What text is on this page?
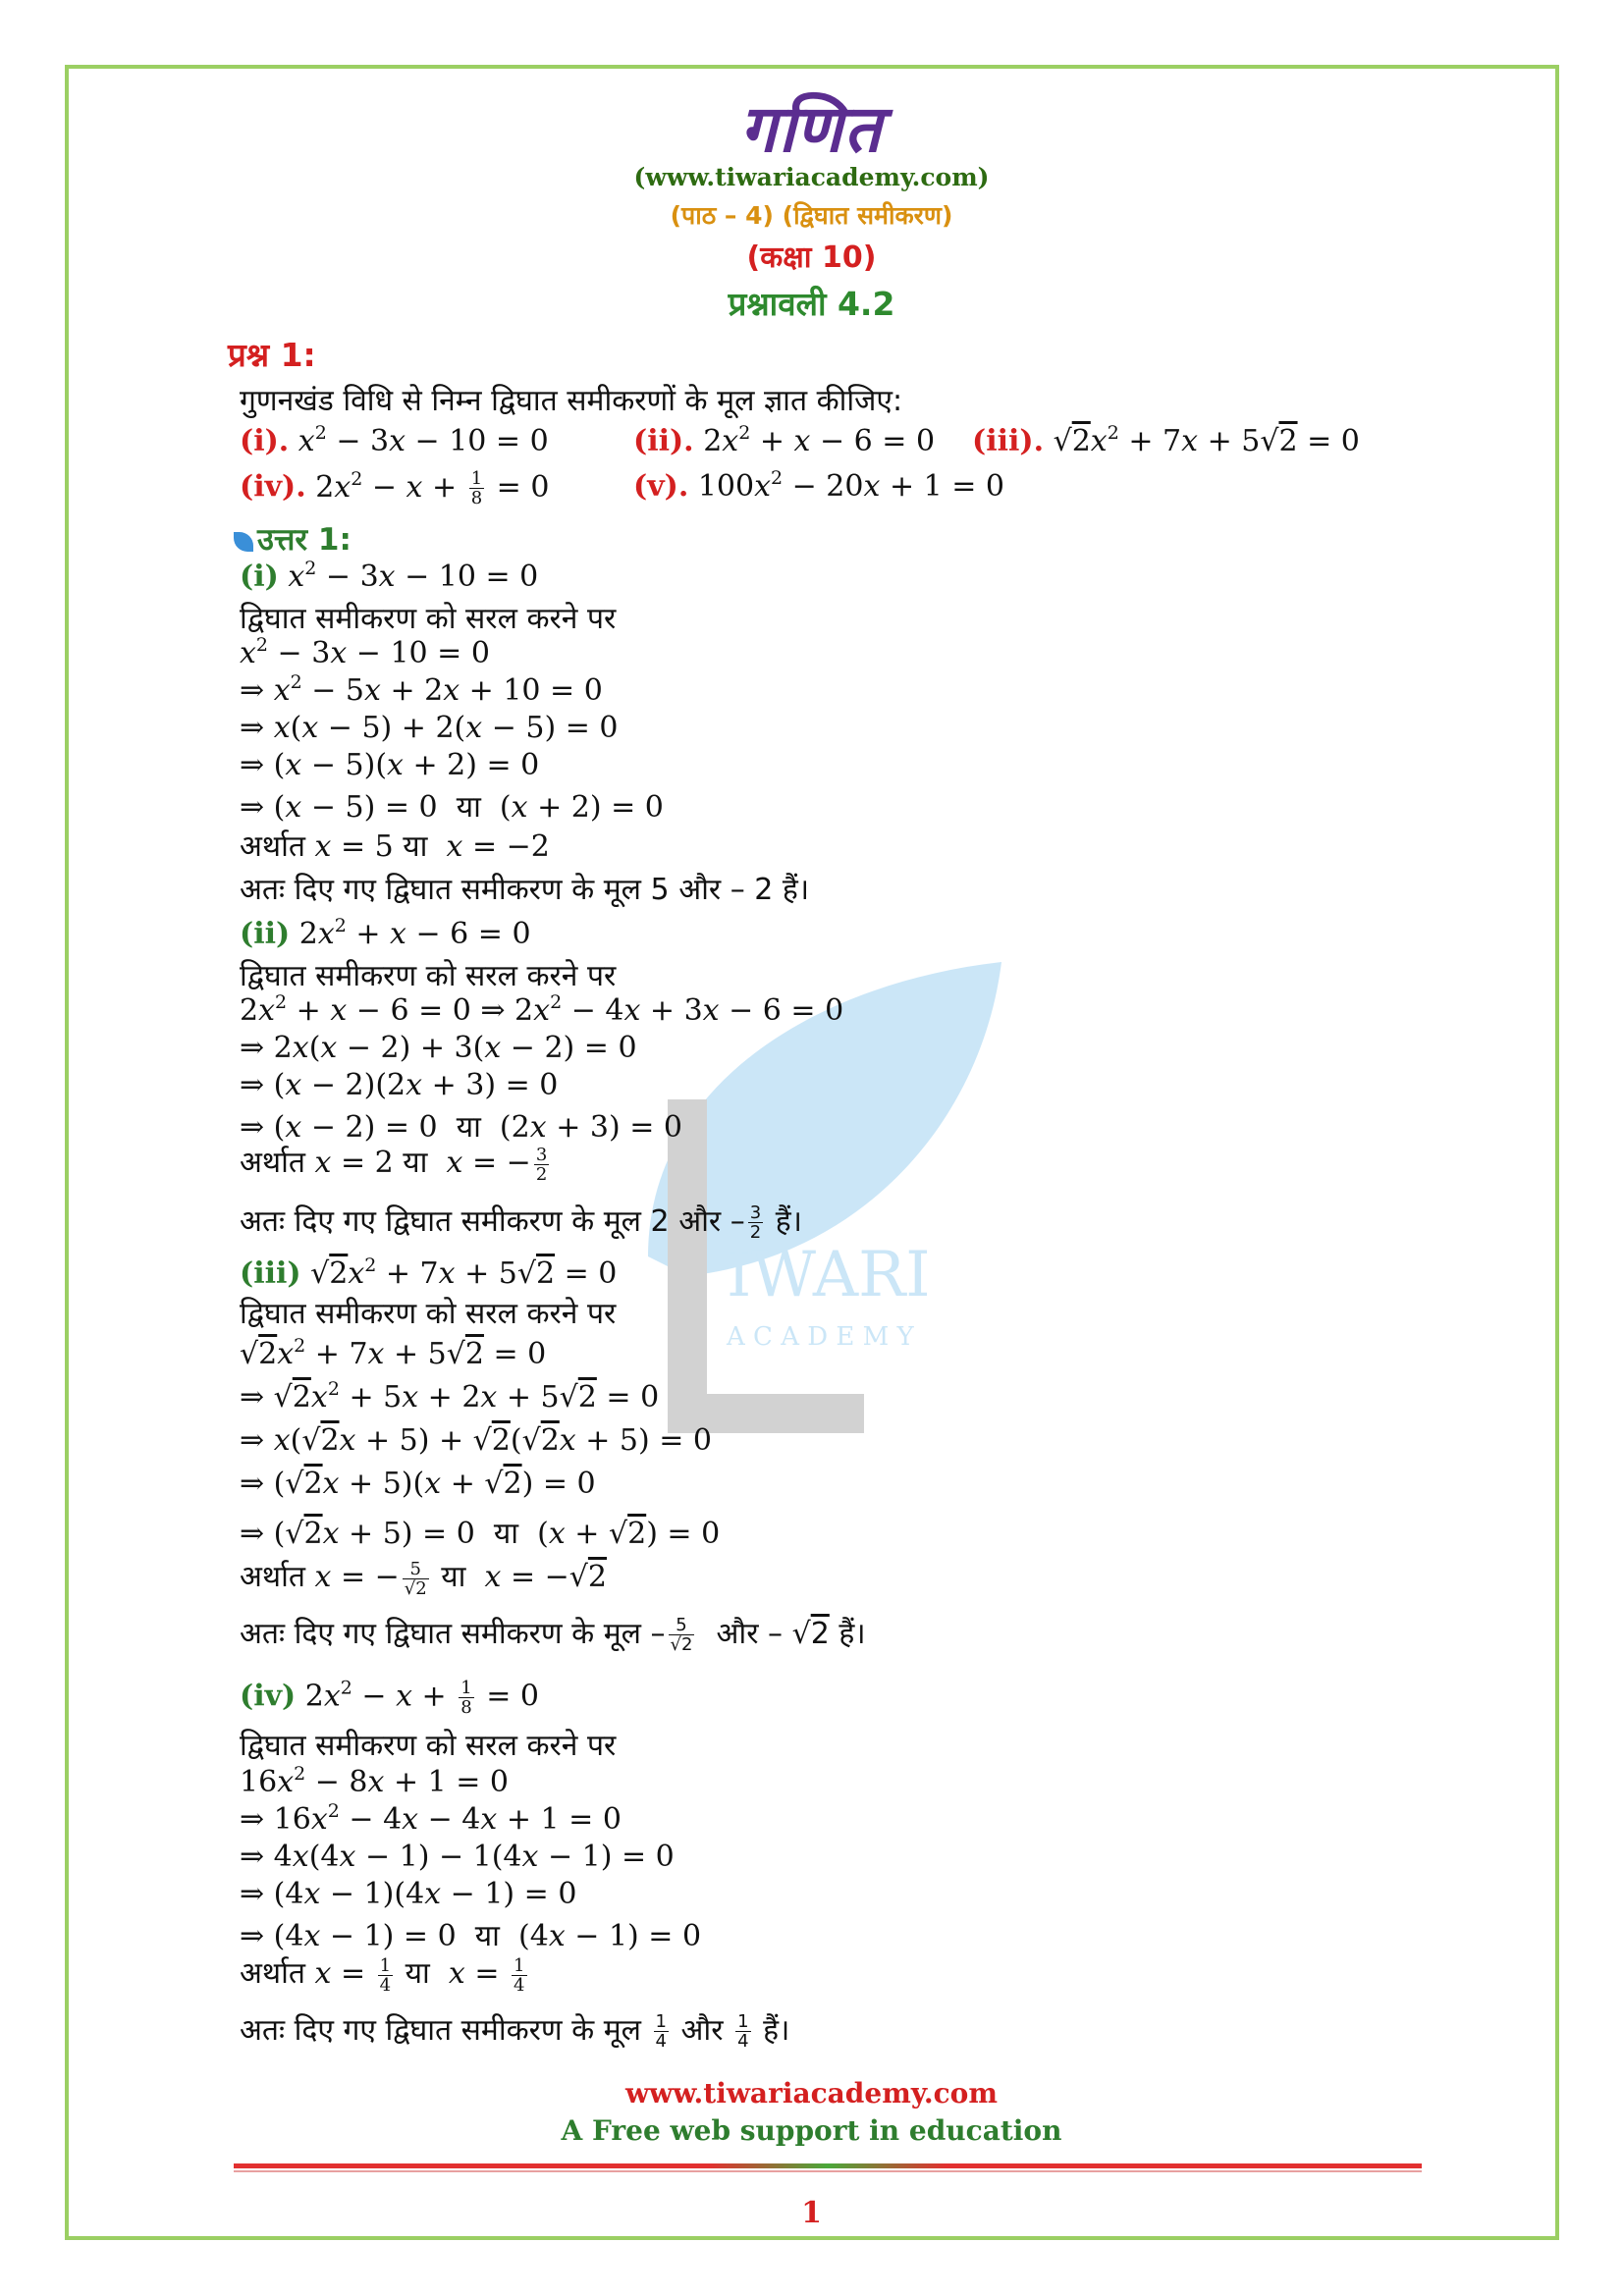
IWARI
A C A D E M Y
गणित
(www.tiwariacademy.com)
(पाठ – 4) (द्विघात समीकरण)
(कक्षा 10)
प्रश्नावली 4.2
प्रश्न 1:
गुणनखंड विधि से निम्न द्विघात समीकरणों के मूल ज्ञात कीजिए:
(i). $x^2 - 3x - 10 = 0$	(ii). $2x^2 + x - 6 = 0$ (iii). $√2x^2 + 7x + 5√2 = 0$
(iv). $2x^2 - x + \frac{1}{8} = 0$	(v). $100x^2 - 20x + 1 = 0$
उत्तर 1:
(i) $x^2 - 3x - 10 = 0$
द्विघात समीकरण को सरल करने पर
$x^2 - 3x - 10 = 0$
⇒ $x^2 - 5x + 2x + 10 = 0$
⇒ x(x − 5) + 2(x − 5) = 0
⇒ (x − 5)(x + 2) = 0
⇒ (x − 5) = 0  या  (x + 2) = 0
अर्थात x = 5 या x = −2
अतः दिए गए द्विघात समीकरण के मूल 5 और – 2 हैं।
(ii) $2x^2 + x - 6 = 0$
द्विघात समीकरण को सरल करने पर
$2x^2 + x - 6 = 0$ ⇒ $2x^2 - 4x + 3x - 6 = 0$
⇒ 2x(x − 2) + 3(x − 2) = 0
⇒ (x − 2)(2x + 3) = 0
⇒ (x − 2) = 0  या  (2x + 3) = 0
अर्थात x = 2 या x = − $\frac{3}{2}$
अतः दिए गए द्विघात समीकरण के मूल 2 और – $\frac{3}{2}$ हैं।
(iii) $√2x^2 + 7x + 5√2 = 0$
द्विघात समीकरण को सरल करने पर
$√2x^2 + 7x + 5√2 = 0$
⇒ $√2x^2 + 5x + 2x + 5√2 = 0$
⇒ x(√2x + 5) + √2(√2x + 5) = 0
⇒ (√2x + 5)(x + √2) = 0
⇒ (√2x + 5) = 0  या  (x + √2) = 0
अर्थात x = − $\frac{5}{√2}$ या x = −√2
अतः दिए गए द्विघात समीकरण के मूल – $\frac{5}{√2}$ और – √2 हैं।
(iv) $2x^2 - x + \frac{1}{8} = 0$
द्विघात समीकरण को सरल करने पर
$16x^2 - 8x + 1 = 0$
⇒ $16x^2 - 4x - 4x + 1 = 0$
⇒ 4x(4x − 1) − 1(4x − 1) = 0
⇒ (4x − 1)(4x − 1) = 0
⇒ (4x − 1) = 0  या  (4x − 1) = 0
अर्थात $x = \frac{1}{4}$ या $x = \frac{1}{4}$
अतः दिए गए द्विघात समीकरण के मूल $\frac{1}{4}$ और $\frac{1}{4}$ हैं।
www.tiwariacademy.com
A Free web support in education
1
